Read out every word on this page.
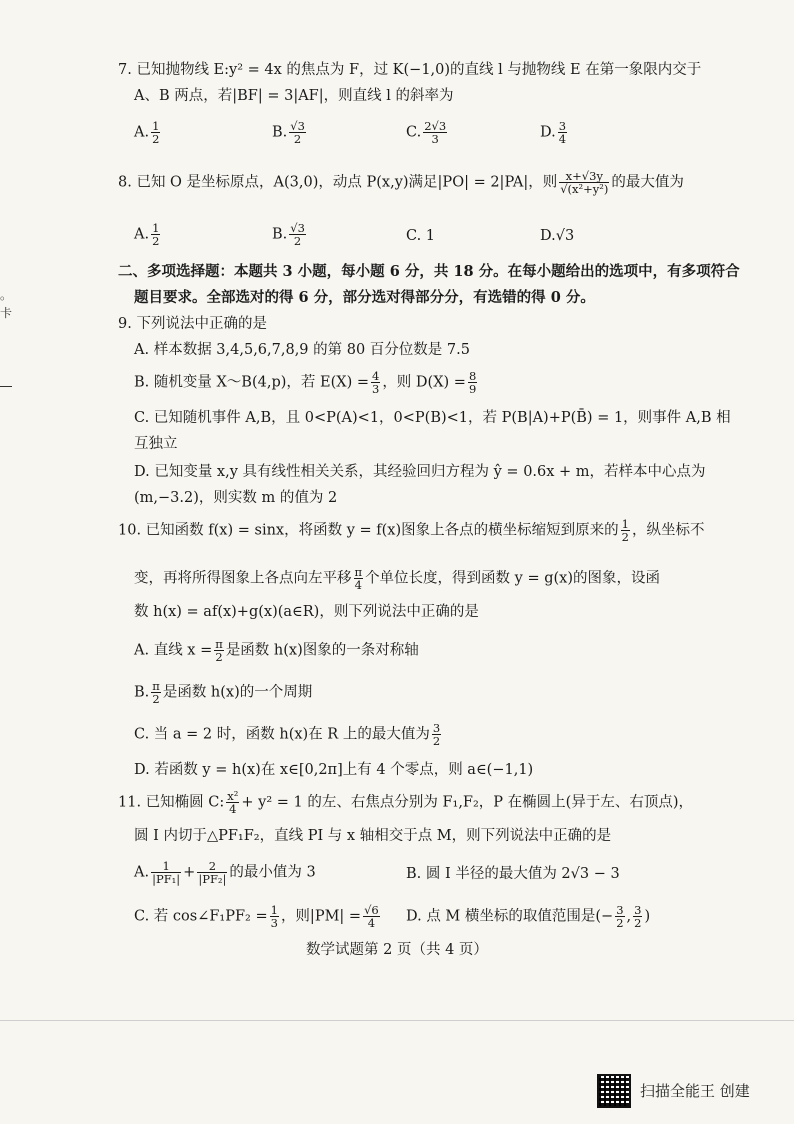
。
卡
7. 已知抛物线 E:y² = 4x 的焦点为 F，过 K(−1,0)的直线 l 与抛物线 E 在第一象限内交于
A、B 两点，若|BF| = 3|AF|，则直线 l 的斜率为
A. $\frac{1}{2}$	B. $\frac{√3}{2}$	C. $\frac{2√3}{3}$	D. $\frac{3}{4}$
8. 已知 O 是坐标原点，A(3,0)，动点 P(x,y)满足|PO| = 2|PA|，则 $\frac{x+√3y}{\text{√(x²+y²)}}$ 的最大值为
A. $\frac{1}{2}$	B. $\frac{√3}{2}$	C. 1	D.√3
二、多项选择题：本题共 3 小题，每小题 6 分，共 18 分。在每小题给出的选项中，有多项符合
题目要求。全部选对的得 6 分，部分选对得部分分，有选错的得 0 分。
9. 下列说法中正确的是
A. 样本数据 3,4,5,6,7,8,9 的第 80 百分位数是 7.5
B. 随机变量 X～B(4,p)，若 $E(X) = \frac{4}{3}$ ，则 $D(X) = \frac{8}{9}$
C. 已知随机事件 A,B，且 0<P(A)<1，0<P(B)<1，若 P(B|A)+P(B̄) = 1，则事件 A,B 相
互独立
D. 已知变量 x,y 具有线性相关关系，其经验回归方程为 ŷ = 0.6x + m，若样本中心点为
(m,−3.2)，则实数 m 的值为 2
10. 已知函数 f(x) = sinx，将函数 y = f(x)图象上各点的横坐标缩短到原来的 $\frac{1}{2}$ ，纵坐标不
变，再将所得图象上各点向左平移 $\frac{\pi}{4}$ 个单位长度，得到函数 y = g(x)的图象，设函
数 h(x) = af(x)+g(x)(a∈R)，则下列说法中正确的是
A. 直线 $x = \frac{\pi}{2}$ 是函数 h(x)图象的一条对称轴
B. $\frac{\pi}{2}$ 是函数 h(x)的一个周期
C. 当 a = 2 时，函数 h(x)在 R 上的最大值为 $\frac{3}{2}$
D. 若函数 y = h(x)在 x∈[0,2π]上有 4 个零点，则 a∈(−1,1)
11. 已知椭圆 C: $\frac{\text{x²}}{4} + y^2 = 1$ 的左、右焦点分别为 F₁,F₂，P 在椭圆上(异于左、右顶点)，
圆 I 内切于△PF₁F₂，直线 PI 与 x 轴相交于点 M，则下列说法中正确的是
A. $\frac{1}{\text{|PF₁|}} + \frac{2}{\text{|PF₂|}}$ 的最小值为 3	B. 圆 I 半径的最大值为 2√3 − 3
C. 若 cos∠F₁PF₂ = $\frac{1}{3}$ ，则$|PM| = \frac{√6}{4} D$. 点 M 横坐标的取值范围是(− $\frac{3}{2}$ , $\frac{3}{2}$ )
数学试题第 2 页（共 4 页）
扫描全能王 创建
